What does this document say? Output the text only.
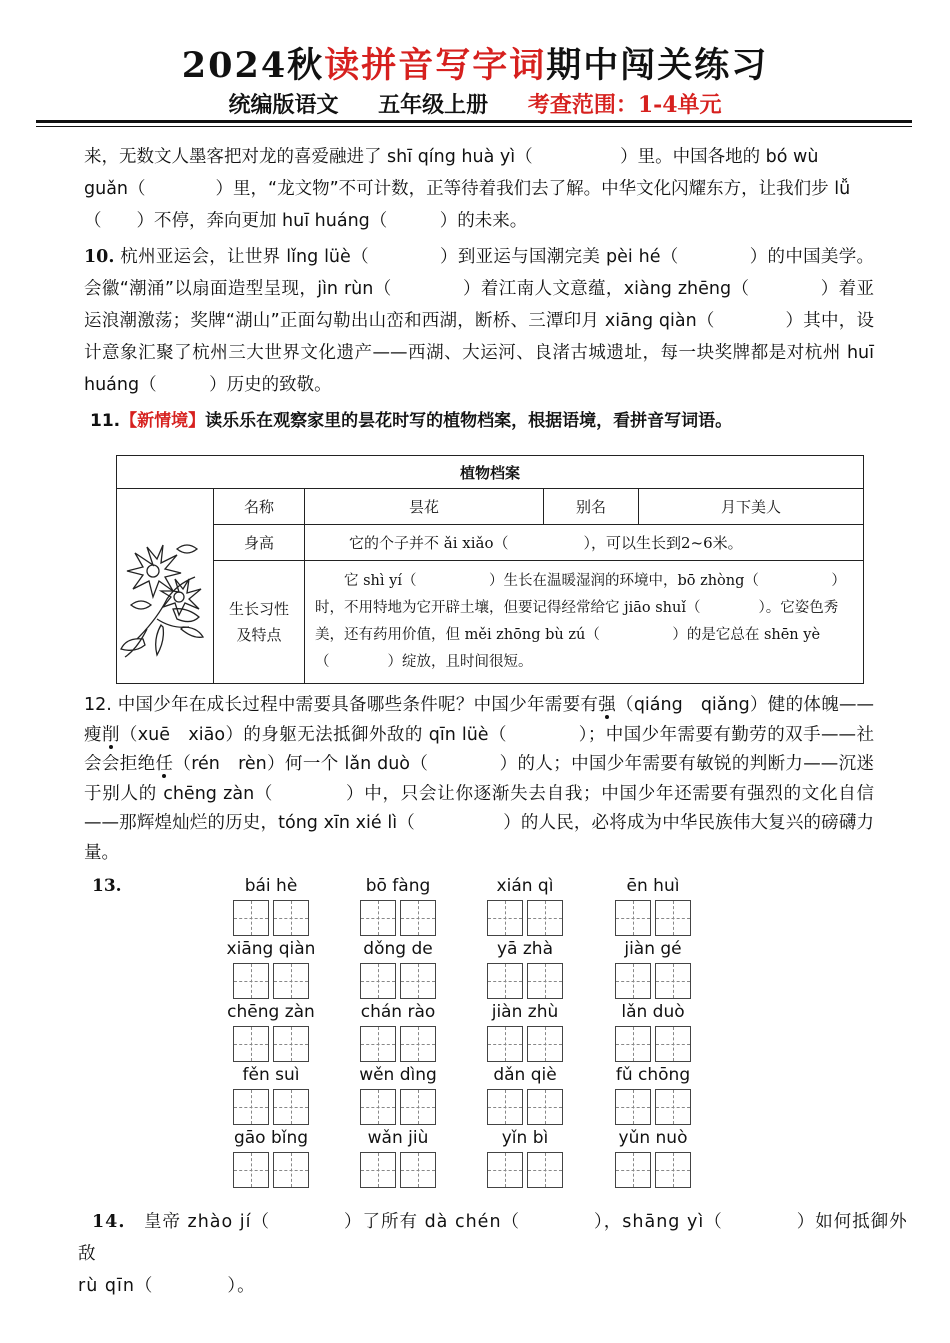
2024秋读拼音写字词期中闯关练习
统编版语文 五年级上册 考查范围：1-4单元
来，无数文人墨客把对龙的喜爱融进了 shī qíng huà yì（　　　　　）里。中国各地的 bó wù
guǎn（　　　　）里，“龙文物”不可计数，正等待着我们去了解。中华文化闪耀东方，让我们步 lǚ
（　　）不停，奔向更加 huī huáng（　　　）的未来。
10. 杭州亚运会，让世界 lǐng lüè（　　　　）到亚运与国潮完美 pèi hé（　　　　）的中国美学。会徽“潮涌”以扇面造型呈现，jìn rùn（　　　　）着江南人文意蕴，xiàng zhēng（　　　　）着亚运浪潮激荡；奖牌“湖山”正面勾勒出山峦和西湖，断桥、三潭印月 xiāng qiàn（　　　　）其中，设计意象汇聚了杭州三大世界文化遗产——西湖、大运河、良渚古城遗址，每一块奖牌都是对杭州 huī huáng（　　　）历史的致敬。
11.【新情境】读乐乐在观察家里的昙花时写的植物档案，根据语境，看拼音写词语。
植物档案				
	名称	昙花	别名	月下美人
	身高	它的个子并不 ǎi xiǎo（　　　　　），可以生长到2~6米。		
	生长习性及特点	　　它 shì yí（　　　　　）生长在温暖湿润的环境中，bō zhòng（　　　　　）时，不用特地为它开辟土壤，但要记得经常给它 jiāo shuǐ（　　　　）。它姿色秀美，还有药用价值，但 měi zhōng bù zú（　　　　　）的是它总在 shēn yè（　　　　）绽放，且时间很短。		
12. 中国少年在成长过程中需要具备哪些条件呢？中国少年需要有强（qiáng　qiǎng）健的体魄——瘦削（xuē　xiāo）的身躯无法抵御外敌的 qīn lüè（　　　　）；中国少年需要有勤劳的双手——社会会拒绝任（rén　rèn）何一个 lǎn duò（　　　　）的人；中国少年需要有敏锐的判断力——沉迷于别人的 chēng zàn（　　　　）中，只会让你逐渐失去自我；中国少年还需要有强烈的文化自信——那辉煌灿烂的历史，tóng xīn xié lì（　　　　　）的人民，必将成为中华民族伟大复兴的磅礴力量。
13.	bái hè	bō fàng	xián qì	ēn huì
xiāng qiàn	dǒng de	yā zhà	jiàn gé
chēng zàn	chán rào	jiàn zhù	lǎn duò
fěn suì	wěn dìng	dǎn qiè	fǔ chōng
gāo bǐng	wǎn jiù	yǐn bì	yǔn nuò
14.　 皇帝 zhào jí（　　　　）了所有 dà chén（　　　　），shāng yì（　　　　）如何抵御外敌
rù qīn（　　　　）。
